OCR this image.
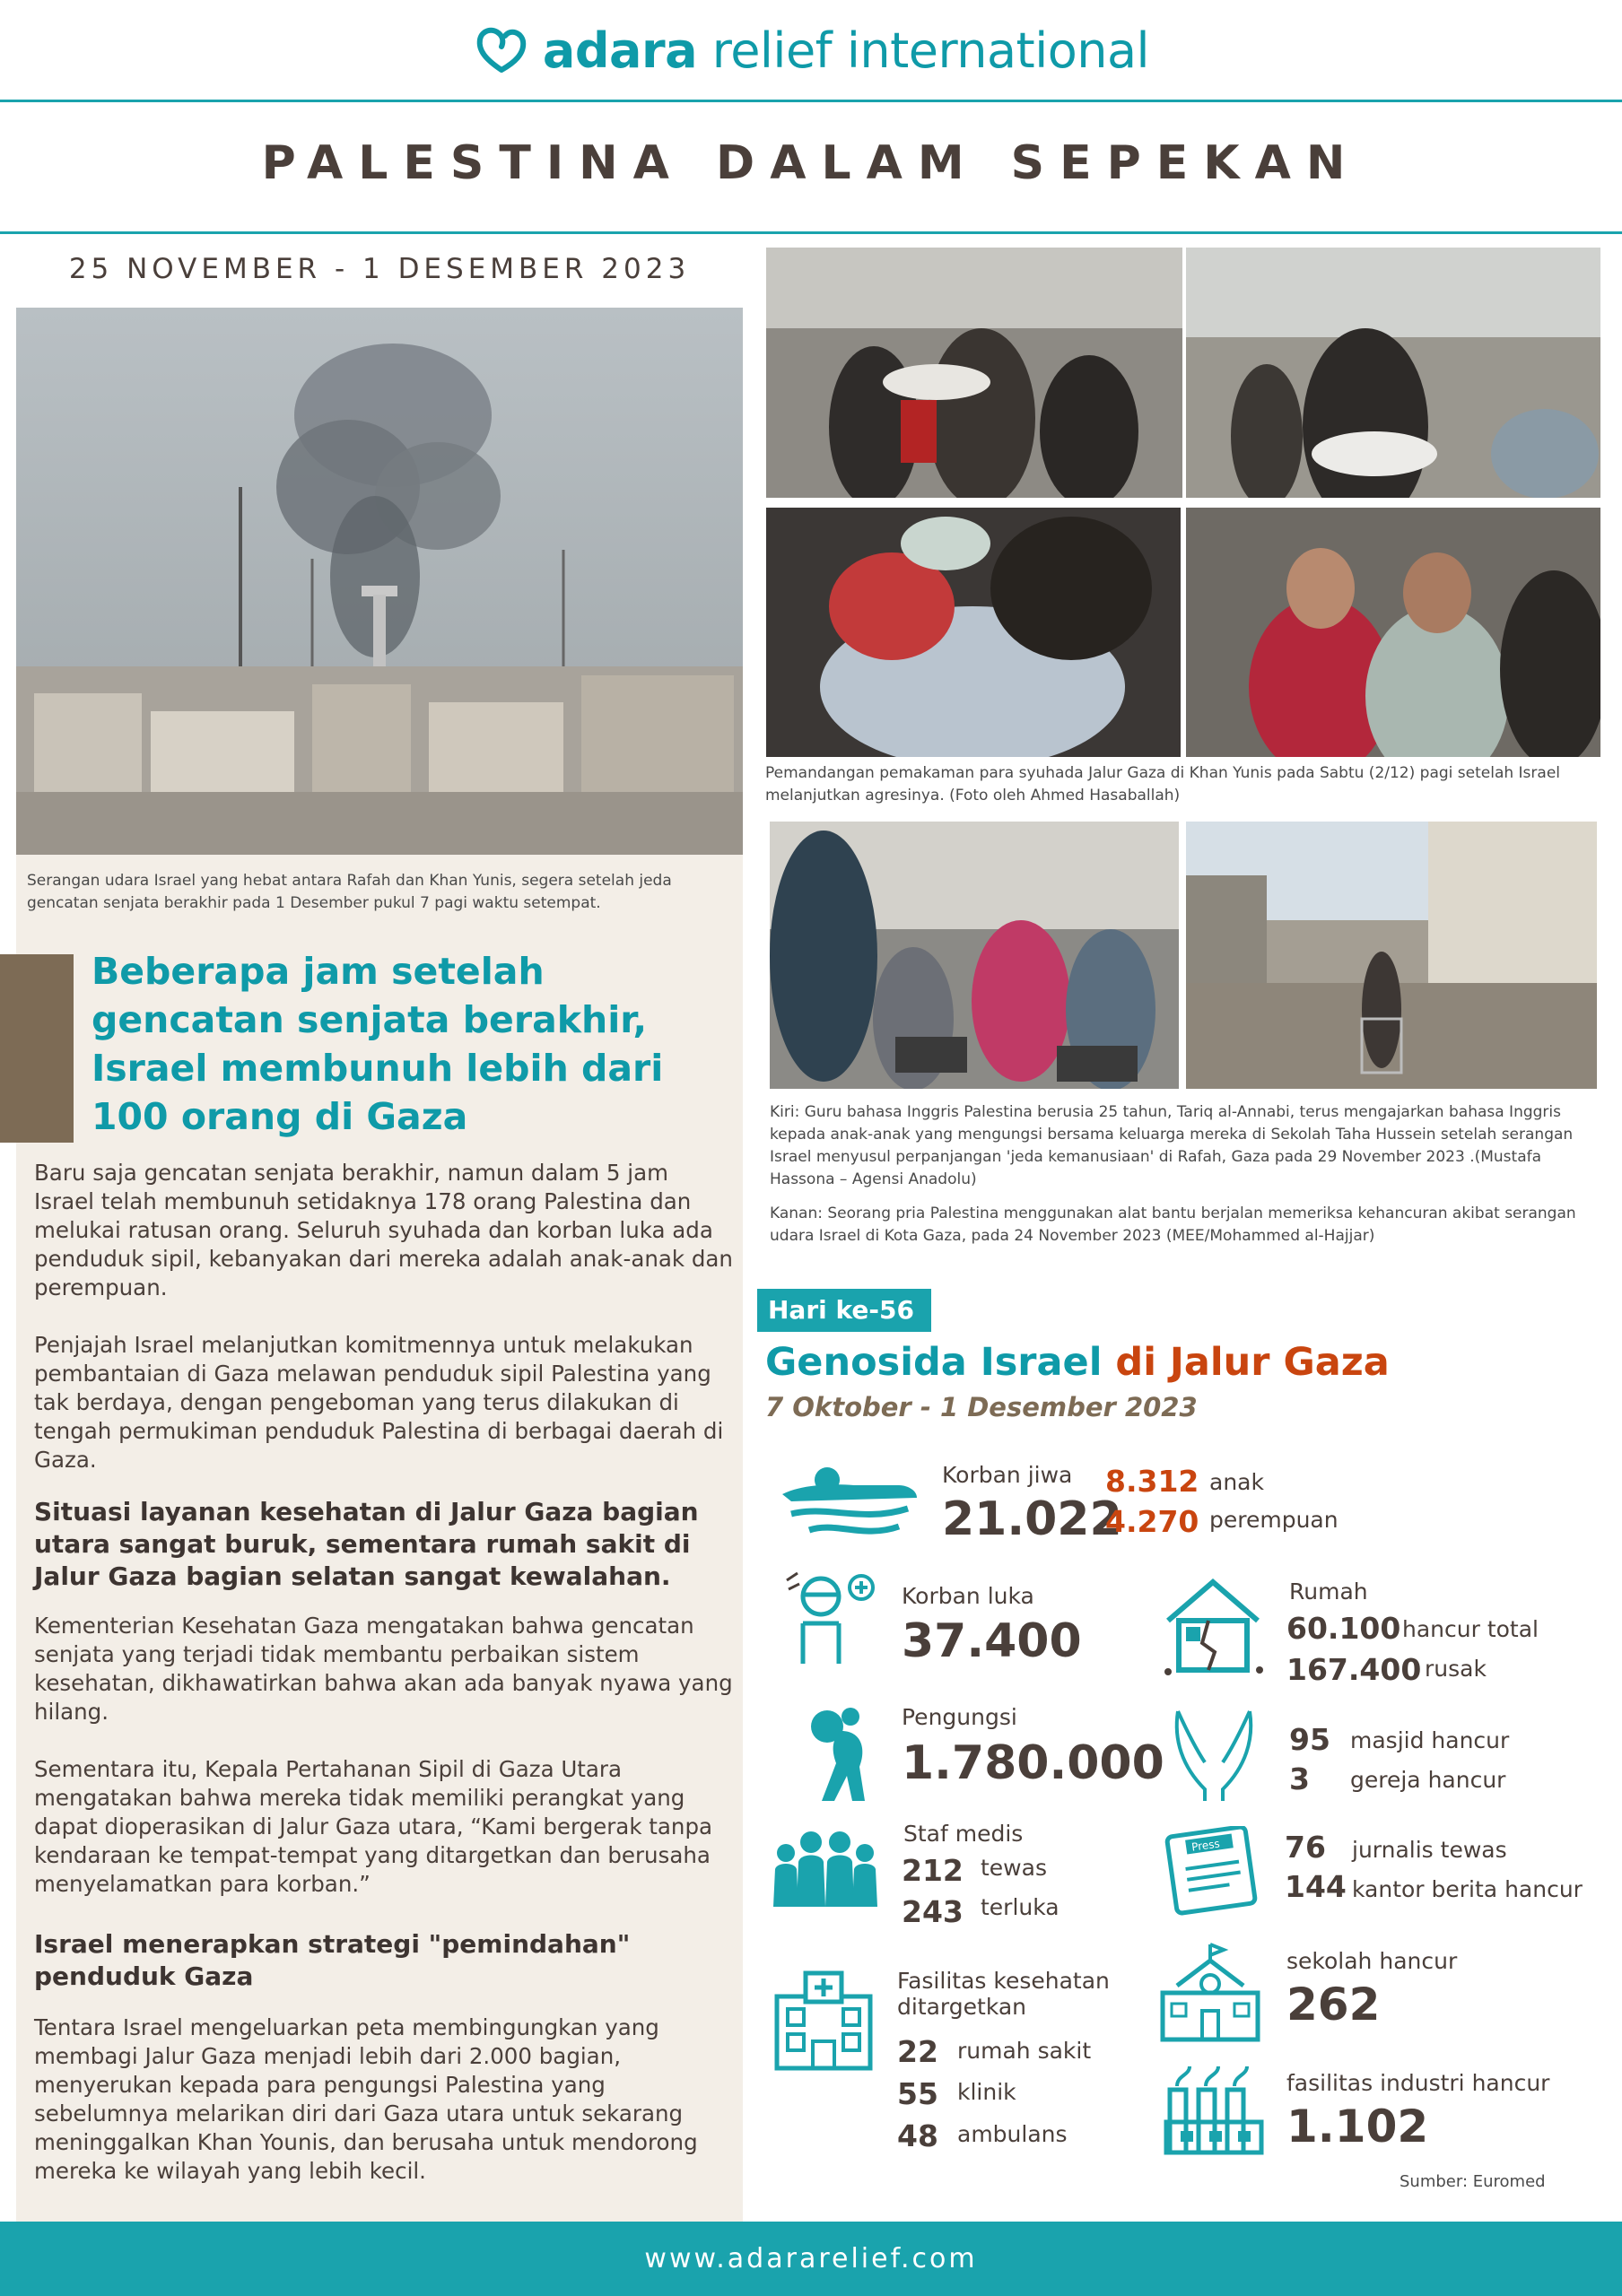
adara relief international
PALESTINA DALAM SEPEKAN
25 NOVEMBER - 1 DESEMBER 2023
Serangan udara Israel yang hebat antara Rafah dan Khan Yunis, segera setelah jeda gencatan senjata berakhir pada 1 Desember pukul 7 pagi waktu setempat.
Beberapa jam setelah gencatan senjata berakhir, Israel membunuh lebih dari 100 orang di Gaza
Baru saja gencatan senjata berakhir, namun dalam 5 jam Israel telah membunuh setidaknya 178 orang Palestina dan melukai ratusan orang. Seluruh syuhada dan korban luka ada penduduk sipil, kebanyakan dari mereka adalah anak-anak dan perempuan.
Penjajah Israel melanjutkan komitmennya untuk melakukan pembantaian di Gaza melawan penduduk sipil Palestina yang tak berdaya, dengan pengeboman yang terus dilakukan di tengah permukiman penduduk Palestina di berbagai daerah di Gaza.
Situasi layanan kesehatan di Jalur Gaza bagian utara sangat buruk, sementara rumah sakit di Jalur Gaza bagian selatan sangat kewalahan.
Kementerian Kesehatan Gaza mengatakan bahwa gencatan senjata yang terjadi tidak membantu perbaikan sistem kesehatan, dikhawatirkan bahwa akan ada banyak nyawa yang hilang.
Sementara itu, Kepala Pertahanan Sipil di Gaza Utara mengatakan bahwa mereka tidak memiliki perangkat yang dapat dioperasikan di Jalur Gaza utara, “Kami bergerak tanpa kendaraan ke tempat-tempat yang ditargetkan dan berusaha menyelamatkan para korban.”
Israel menerapkan strategi "pemindahan" penduduk Gaza
Tentara Israel mengeluarkan peta membingungkan yang membagi Jalur Gaza menjadi lebih dari 2.000 bagian, menyerukan kepada para pengungsi Palestina yang sebelumnya melarikan diri dari Gaza utara untuk sekarang meninggalkan Khan Younis, dan berusaha untuk mendorong mereka ke wilayah yang lebih kecil.
Pemandangan pemakaman para syuhada Jalur Gaza di Khan Yunis pada Sabtu (2/12) pagi setelah Israel melanjutkan agresinya. (Foto oleh Ahmed Hasaballah)
Kiri: Guru bahasa Inggris Palestina berusia 25 tahun, Tariq al-Annabi, terus mengajarkan bahasa Inggris kepada anak-anak yang mengungsi bersama keluarga mereka di Sekolah Taha Hussein setelah serangan Israel menyusul perpanjangan 'jeda kemanusiaan' di Rafah, Gaza pada 29 November 2023 .(Mustafa Hassona – Agensi Anadolu)
Kanan: Seorang pria Palestina menggunakan alat bantu berjalan memeriksa kehancuran akibat serangan udara Israel di Kota Gaza, pada 24 November 2023 (MEE/Mohammed al-Hajjar)
Hari ke-56
Genosida Israel di Jalur Gaza
7 Oktober - 1 Desember 2023
Korban jiwa
21.022
8.312 anak
4.270 perempuan
Korban luka
37.400
Rumah
60.100 hancur total
167.400 rusak
Pengungsi
1.780.000	95 masjid hancur
3 gereja hancur
Staf medis
212 tewas
243 terluka
Press 76 jurnalis tewas
144 kantor berita hancur
Fasilitas kesehatan ditargetkan
22 rumah sakit
55 klinik
48 ambulans
sekolah hancur
262
fasilitas industri hancur
1.102
Sumber: Euromed
www.adararelief.com
